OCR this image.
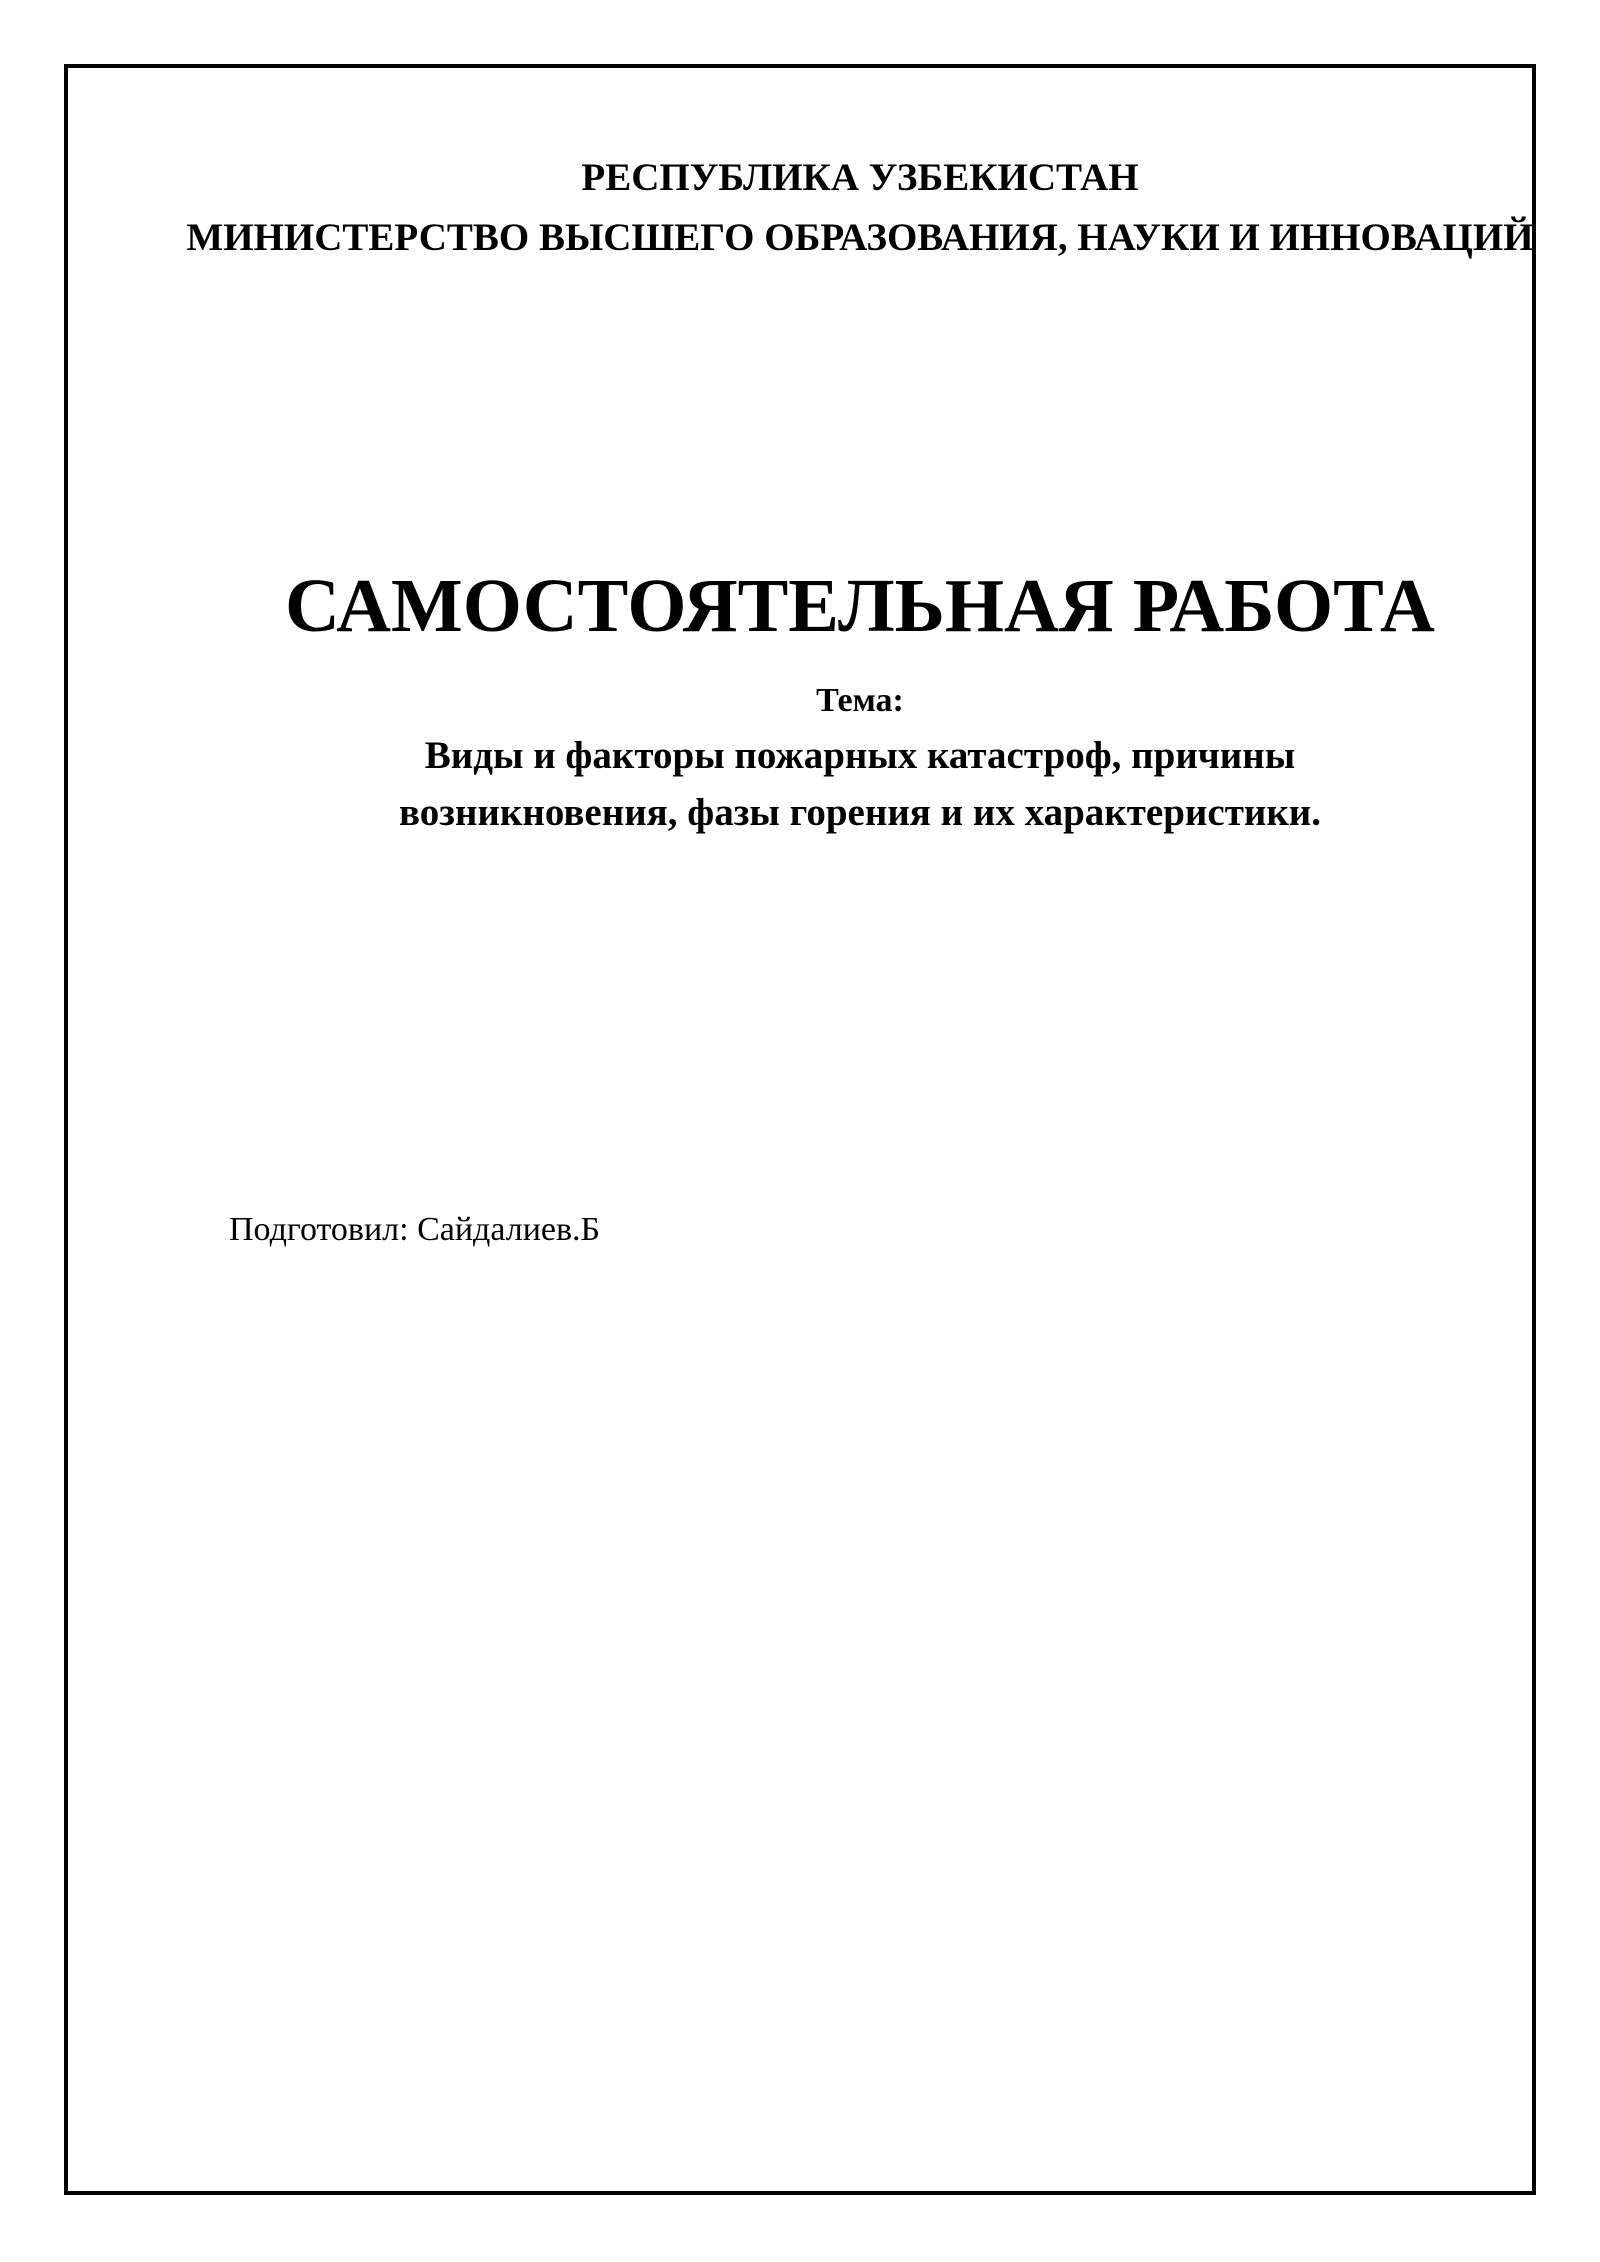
РЕСПУБЛИКА УЗБЕКИСТАН
МИНИСТЕРСТВО ВЫСШЕГО ОБРАЗОВАНИЯ, НАУКИ И ИННОВАЦИЙ
САМОСТОЯТЕЛЬНАЯ РАБОТА
Тема:
Виды и факторы пожарных катастроф, причины возникновения, фазы горения и их характеристики.
Подготовил: Сайдалиев.Б
